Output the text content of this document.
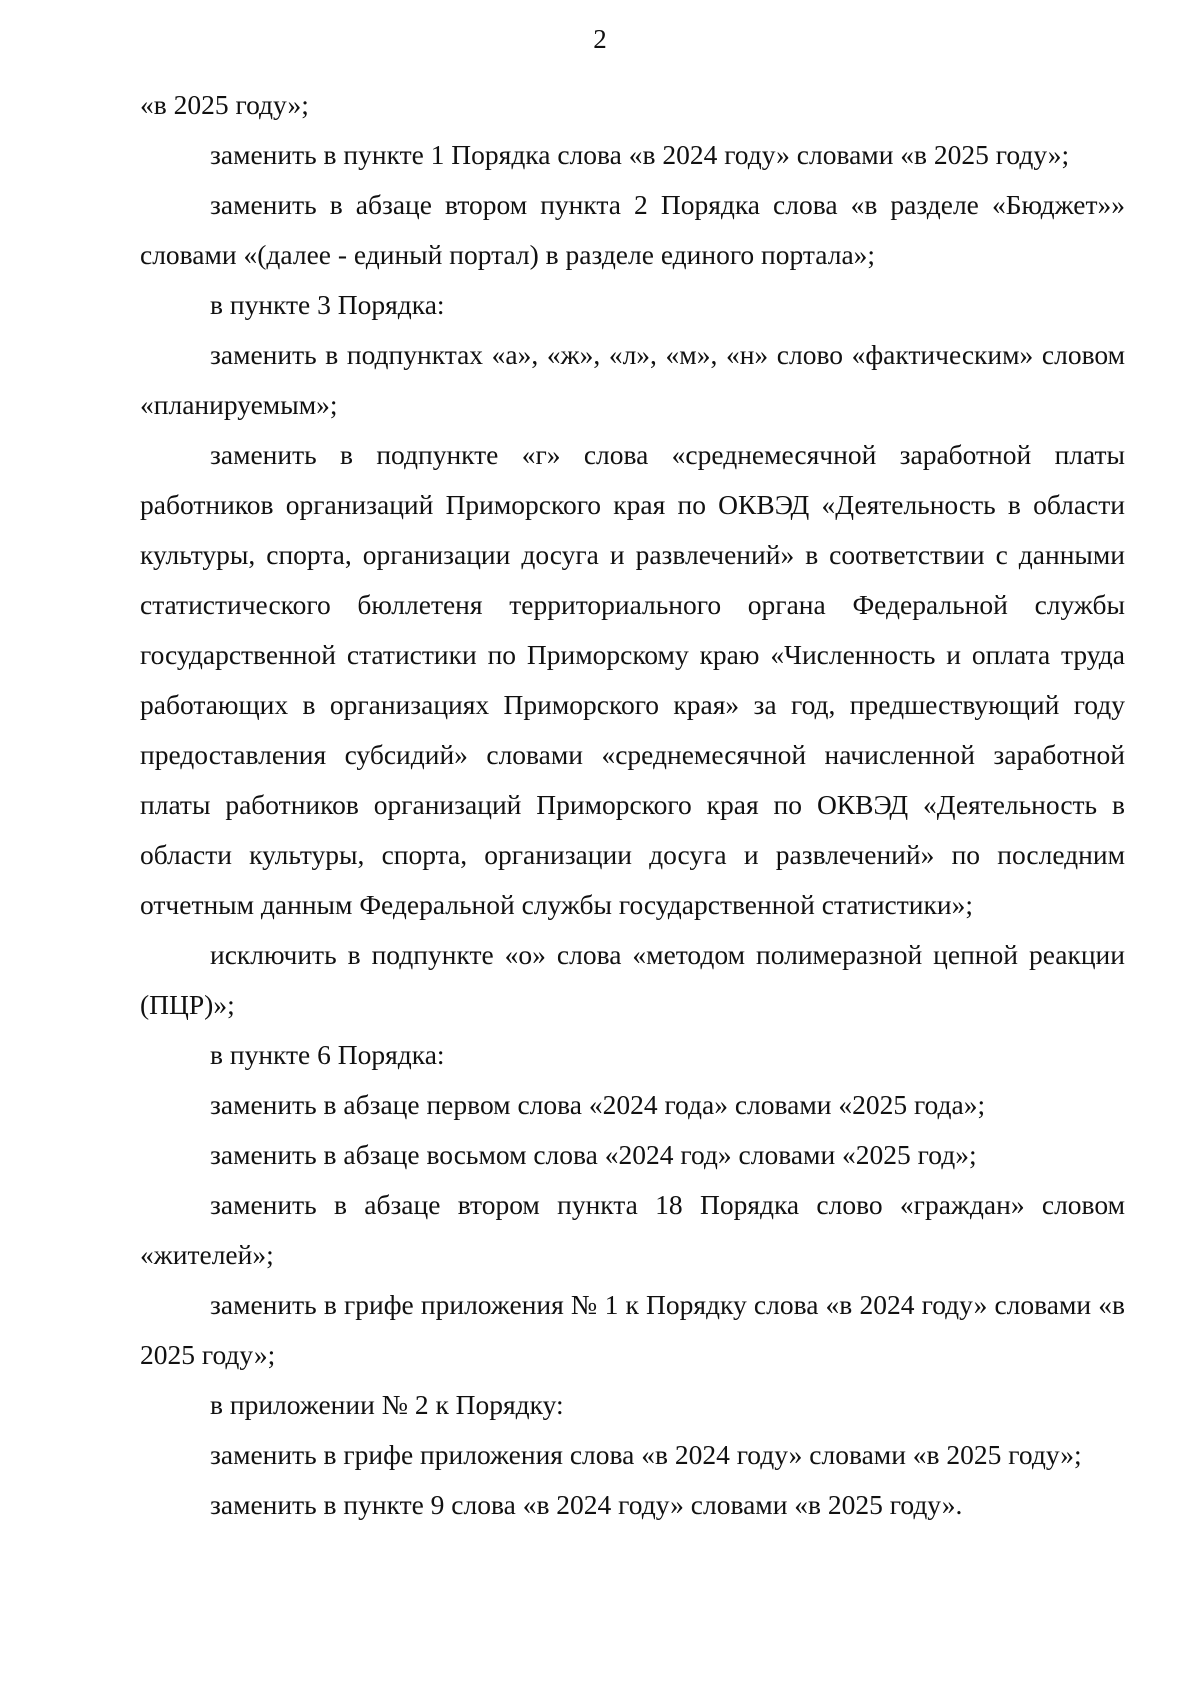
2

«в 2025 году»;

заменить в пункте 1 Порядка слова «в 2024 году» словами «в 2025 году»;

заменить в абзаце втором пункта 2 Порядка слова «в разделе «Бюджет»» словами «(далее - единый портал) в разделе единого портала»;

в пункте 3 Порядка:

заменить в подпунктах «а», «ж», «л», «м», «н» слово «фактическим» словом «планируемым»;

заменить в подпункте «г» слова «среднемесячной заработной платы работников организаций Приморского края по ОКВЭД «Деятельность в области культуры, спорта, организации досуга и развлечений» в соответствии с данными статистического бюллетеня территориального органа Федеральной службы государственной статистики по Приморскому краю «Численность и оплата труда работающих в организациях Приморского края» за год, предшествующий году предоставления субсидий» словами «среднемесячной начисленной заработной платы работников организаций Приморского края по ОКВЭД «Деятельность в области культуры, спорта, организации досуга и развлечений» по последним отчетным данным Федеральной службы государственной статистики»;

исключить в подпункте «о» слова «методом полимеразной цепной реакции (ПЦР)»;

в пункте 6 Порядка:

заменить в абзаце первом слова «2024 года» словами «2025 года»;

заменить в абзаце восьмом слова «2024 год» словами «2025 год»;

заменить в абзаце втором пункта 18 Порядка слово «граждан» словом «жителей»;

заменить в грифе приложения № 1 к Порядку слова «в 2024 году» словами «в 2025 году»;

в приложении № 2 к Порядку:

заменить в грифе приложения слова «в 2024 году» словами «в 2025 году»;

заменить в пункте 9 слова «в 2024 году» словами «в 2025 году».
